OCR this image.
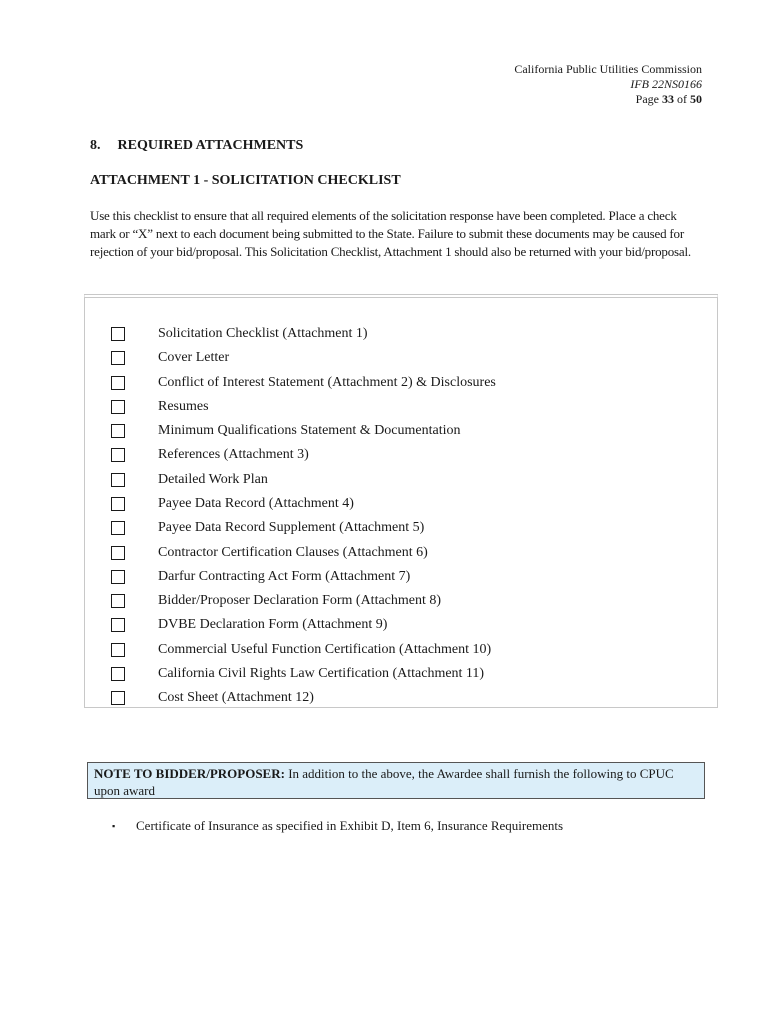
California Public Utilities Commission
IFB 22NS0166
Page 33 of 50
8. REQUIRED ATTACHMENTS
ATTACHMENT 1 - SOLICITATION CHECKLIST
Use this checklist to ensure that all required elements of the solicitation response have been completed. Place a check mark or “X” next to each document being submitted to the State. Failure to submit these documents may be caused for rejection of your bid/proposal. This Solicitation Checklist, Attachment 1 should also be returned with your bid/proposal.
Solicitation Checklist (Attachment 1)
Cover Letter
Conflict of Interest Statement (Attachment 2) & Disclosures
Resumes
Minimum Qualifications Statement & Documentation
References (Attachment 3)
Detailed Work Plan
Payee Data Record (Attachment 4)
Payee Data Record Supplement (Attachment 5)
Contractor Certification Clauses (Attachment 6)
Darfur Contracting Act Form (Attachment 7)
Bidder/Proposer Declaration Form (Attachment 8)
DVBE Declaration Form (Attachment 9)
Commercial Useful Function Certification (Attachment 10)
California Civil Rights Law Certification (Attachment 11)
Cost Sheet (Attachment 12)
NOTE TO BIDDER/PROPOSER: In addition to the above, the Awardee shall furnish the following to CPUC upon award
▪	Certificate of Insurance as specified in Exhibit D, Item 6, Insurance Requirements
